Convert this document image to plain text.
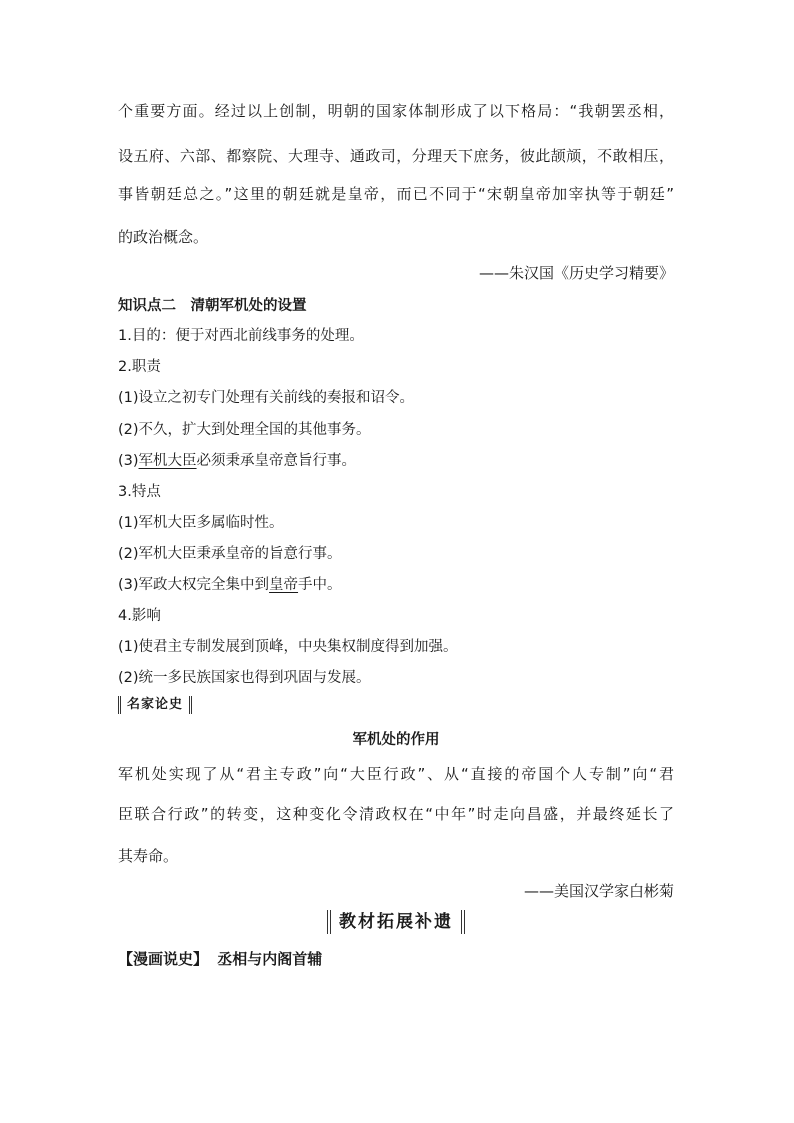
个重要方面。经过以上创制，明朝的国家体制形成了以下格局：“我朝罢丞相，
设五府、六部、都察院、大理寺、通政司，分理天下庶务，彼此颉颃，不敢相压，
事皆朝廷总之。”这里的朝廷就是皇帝，而已不同于“宋朝皇帝加宰执等于朝廷”
的政治概念。
——朱汉国《历史学习精要》
知识点二　清朝军机处的设置
1.目的：便于对西北前线事务的处理。
2.职责
(1)设立之初专门处理有关前线的奏报和诏令。
(2)不久，扩大到处理全国的其他事务。
(3)军机大臣必须秉承皇帝意旨行事。
3.特点
(1)军机大臣多属临时性。
(2)军机大臣秉承皇帝的旨意行事。
(3)军政大权完全集中到皇帝手中。
4.影响
(1)使君主专制发展到顶峰，中央集权制度得到加强。
(2)统一多民族国家也得到巩固与发展。
名家论史
军机处的作用
军机处实现了从“君主专政”向“大臣行政”、从“直接的帝国个人专制”向“君
臣联合行政”的转变，这种变化令清政权在“中年”时走向昌盛，并最终延长了
其寿命。
——美国汉学家白彬菊
教材拓展补遗
【漫画说史】 丞相与内阁首辅
